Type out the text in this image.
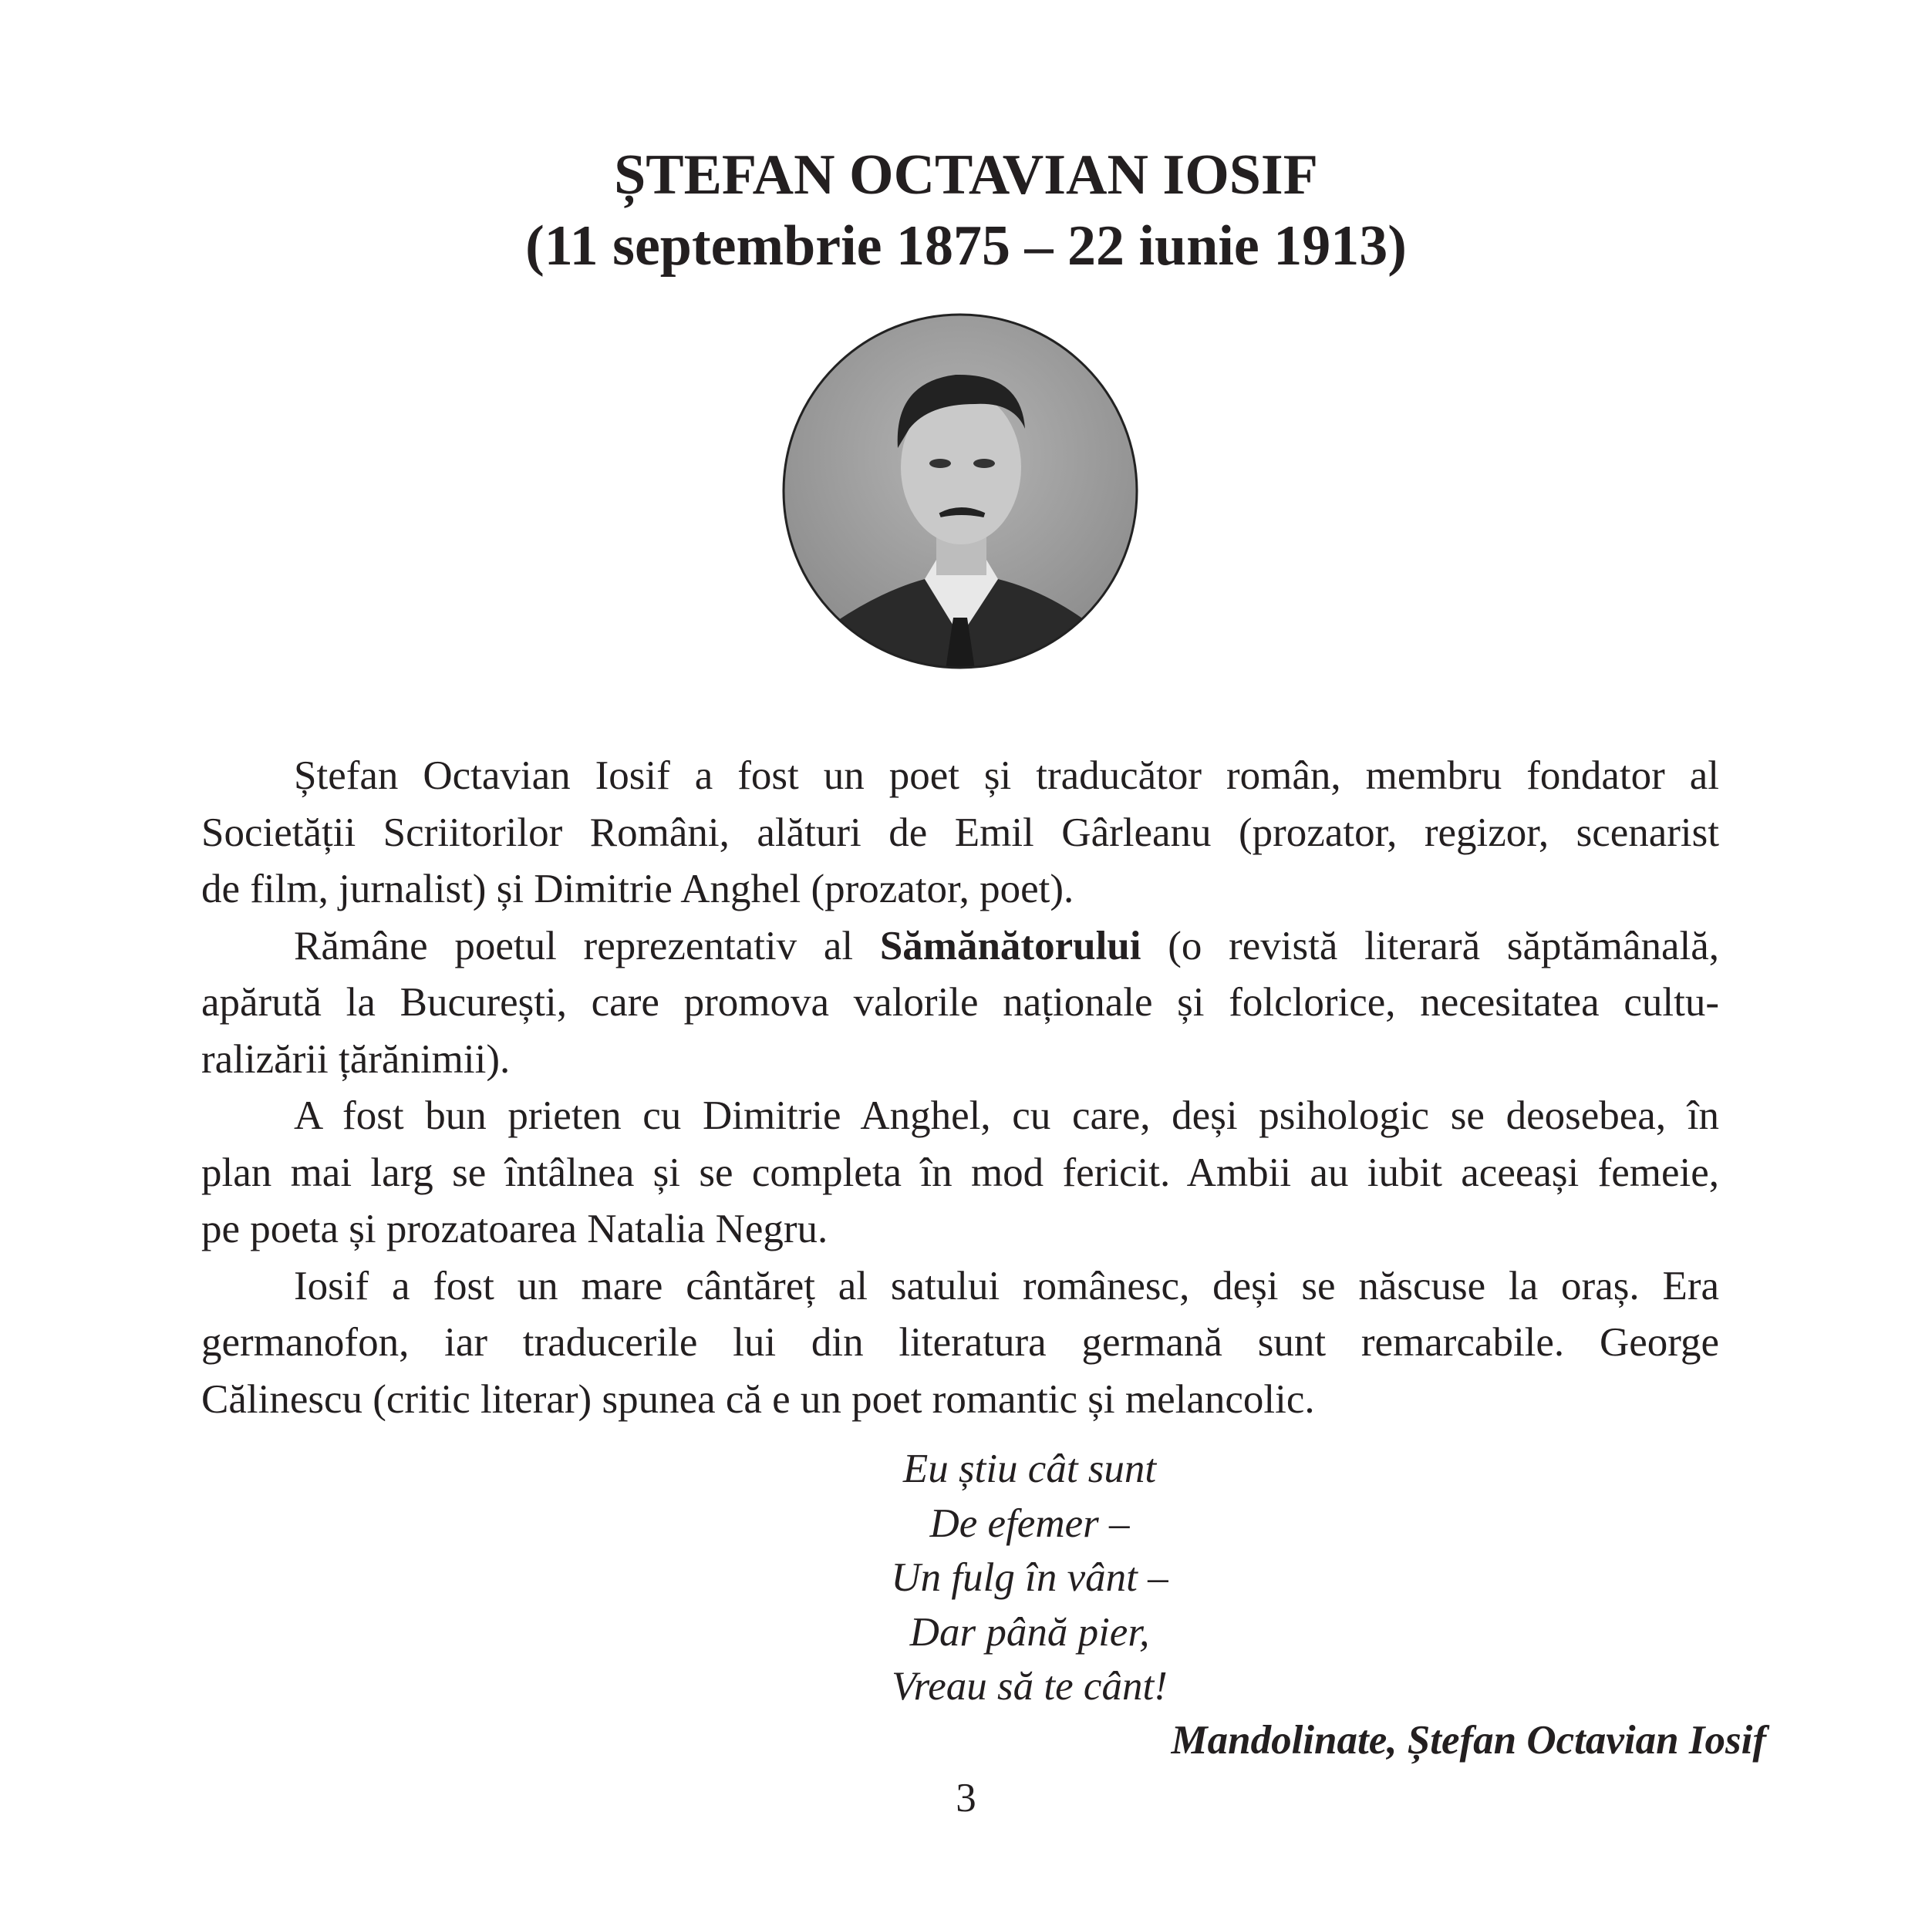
ȘTEFAN OCTAVIAN IOSIF
(11 septembrie 1875 – 22 iunie 1913)
Ștefan Octavian Iosif a fost un poet și traducător român, membru fondator al
Societății Scriitorilor Români, alături de Emil Gârleanu (prozator, regizor, scenarist
de film, jurnalist) și Dimitrie Anghel (prozator, poet).
Rămâne poetul reprezentativ al Sămănătorului (o revistă literară săptămânală,
apărută la București, care promova valorile naționale și folclorice, necesitatea cultu-
ralizării țărănimii).
A fost bun prieten cu Dimitrie Anghel, cu care, deși psihologic se deosebea, în
plan mai larg se întâlnea și se completa în mod fericit. Ambii au iubit aceeași femeie,
pe poeta și prozatoarea Natalia Negru.
Iosif a fost un mare cântăreț al satului românesc, deși se născuse la oraș. Era
germanofon, iar traducerile lui din literatura germană sunt remarcabile. George
Călinescu (critic literar) spunea că e un poet romantic și melancolic.
Eu știu cât sunt
De efemer –
Un fulg în vânt –
Dar până pier,
Vreau să te cânt!
Mandolinate, Ștefan Octavian Iosif
3
